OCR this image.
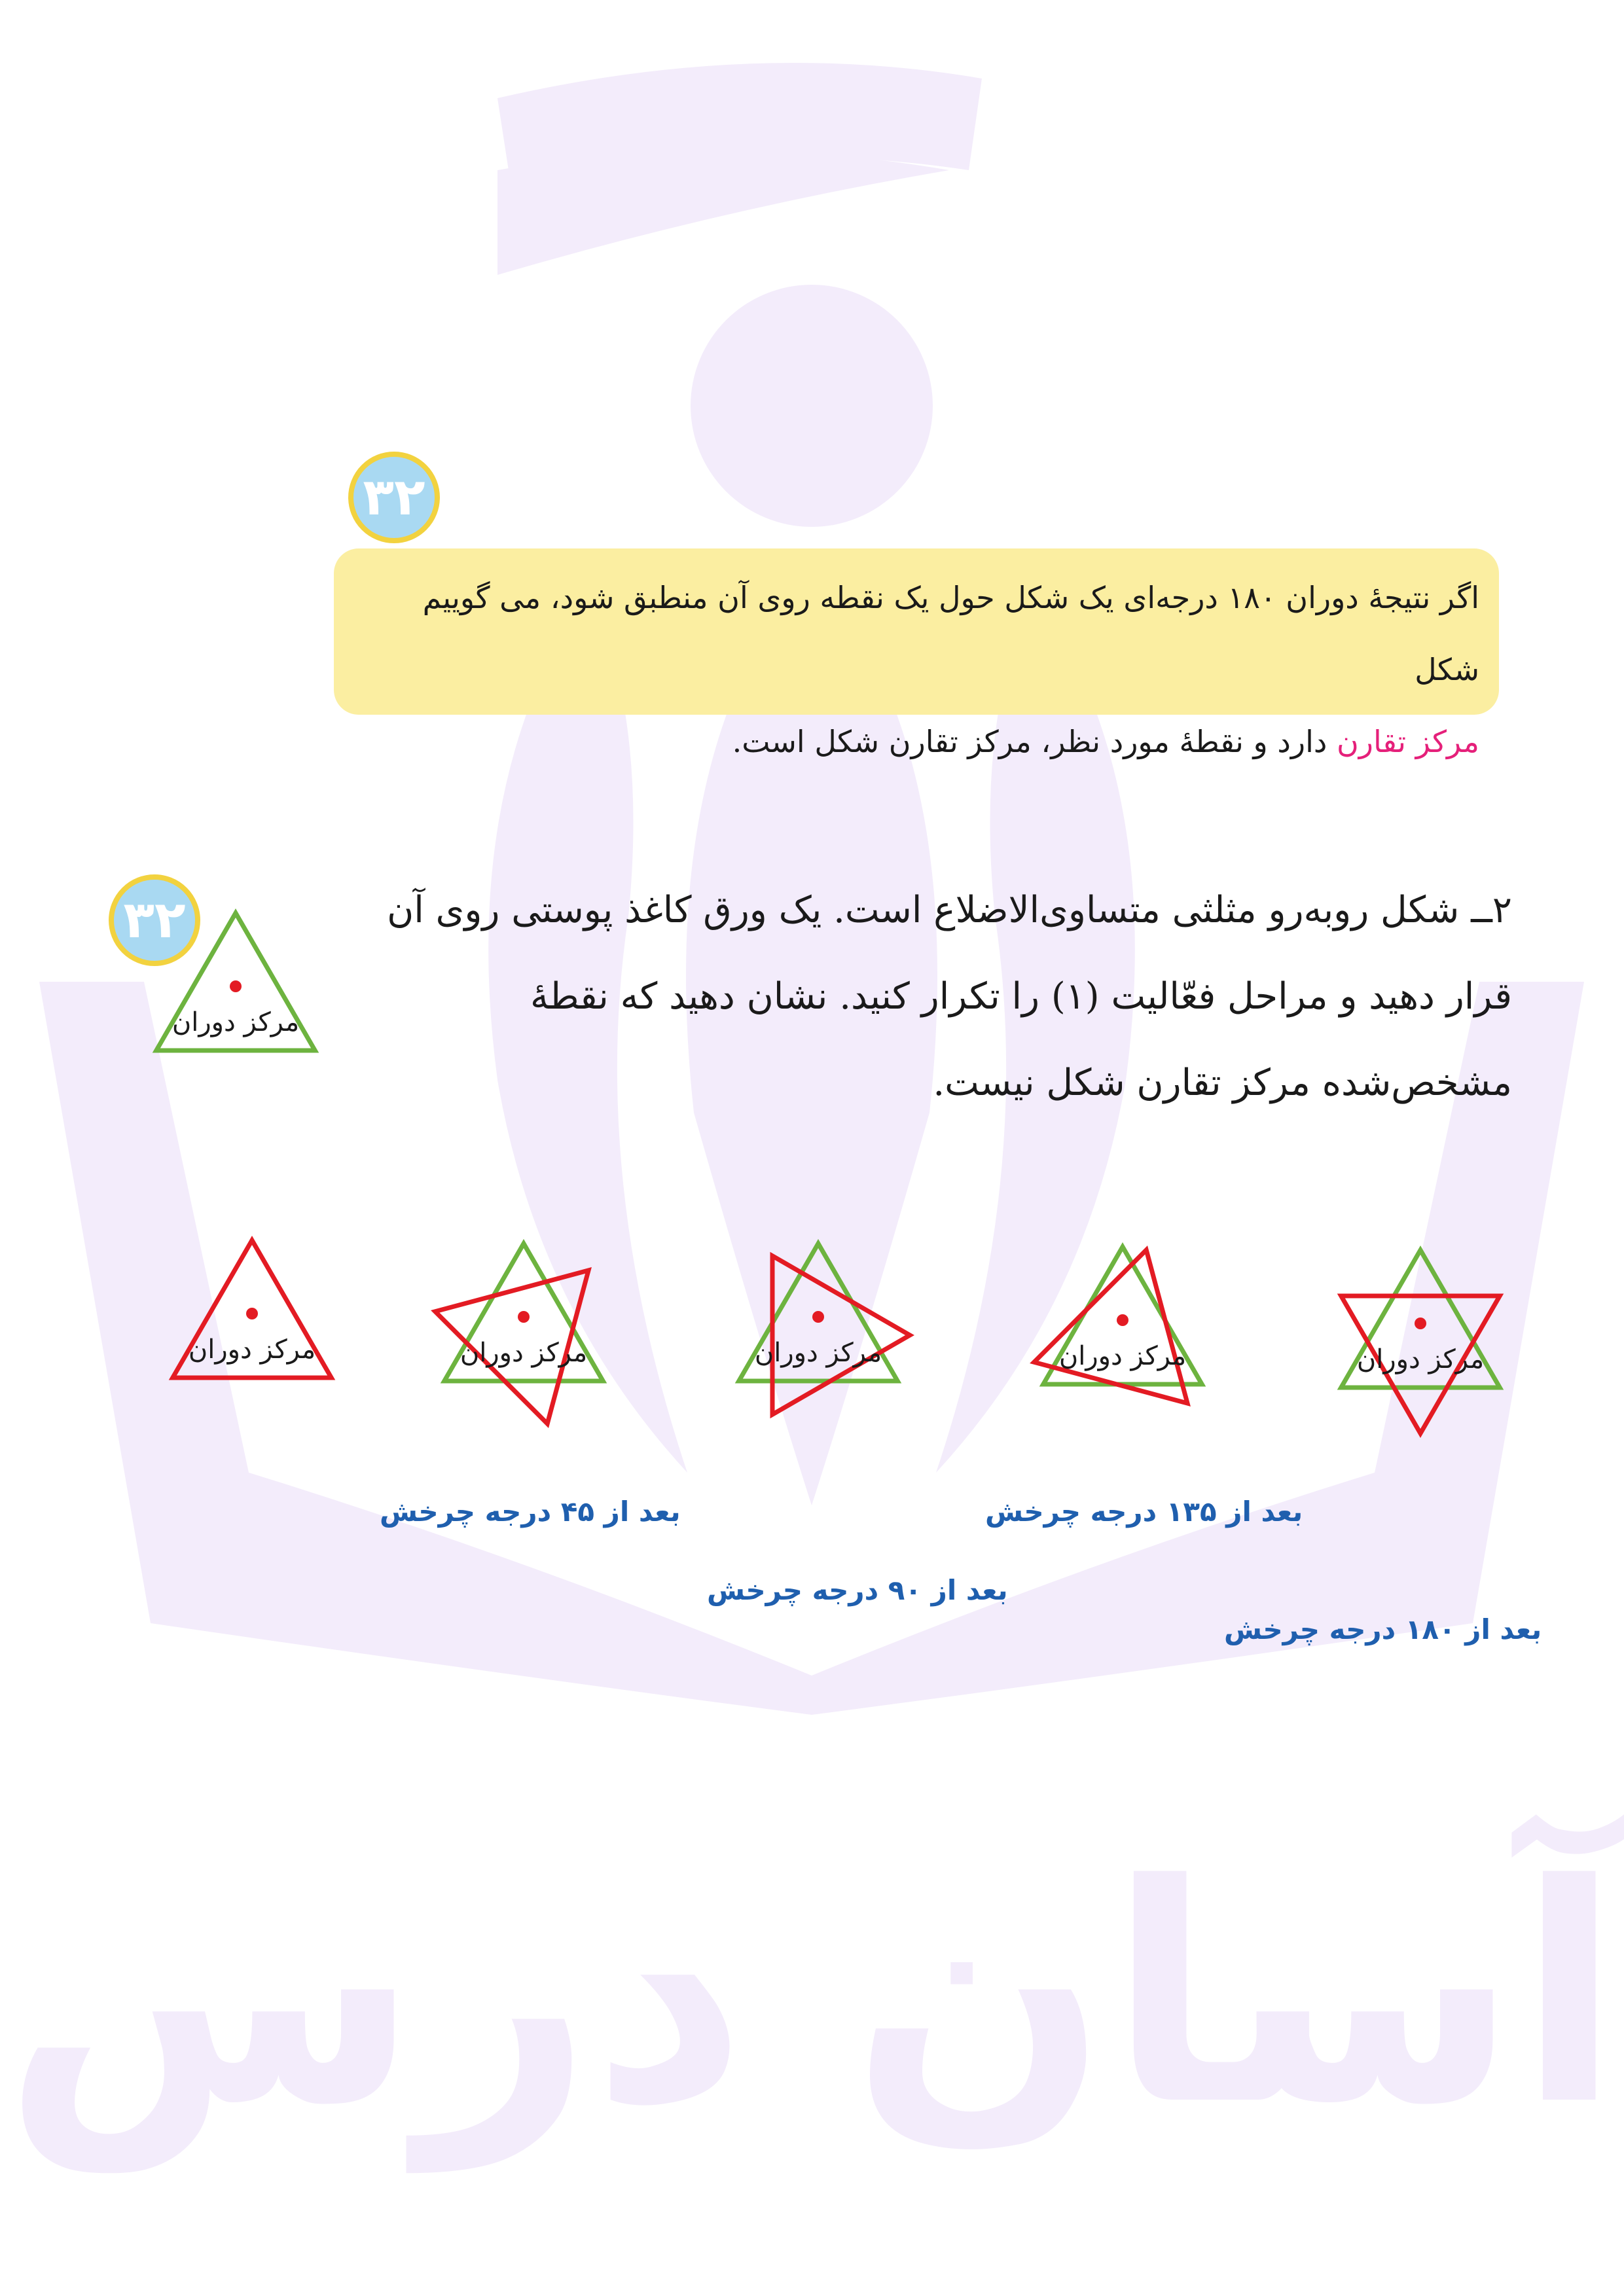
آسان درس
۳۲
اگر نتیجهٔ دوران ۱۸۰ درجه‌ای یک شکل حول یک نقطه روی آن منطبق شود، می گوییم شکل
مرکز تقارن دارد و نقطهٔ مورد نظر، مرکز تقارن شکل است.
۳۲	۲ــ شکل روبه‌رو مثلثی متساوی‌الاضلاع است. یک ورق کاغذ پوستی روی آن قرار دهید و مراحل فعّالیت (۱) را تکرار کنید. نشان دهید که نقطهٔ مشخص‌شده مرکز تقارن شکل نیست.
مرکز دوران
مرکز دوران	مرکز دوران	مرکز دوران	مرکز دوران	مرکز دوران
بعد از ۴۵ درجه چرخش	بعد از ۱۳۵ درجه چرخش
بعد از ۹۰ درجه چرخش
بعد از ۱۸۰ درجه چرخش
